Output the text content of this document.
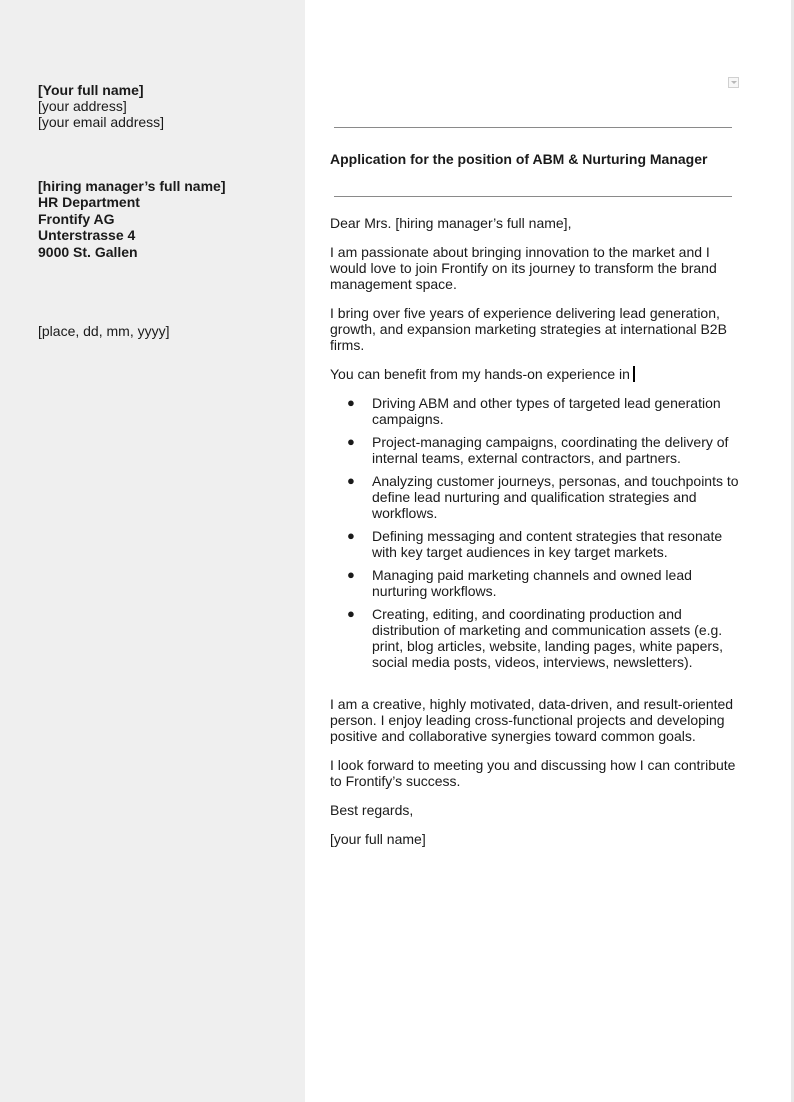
[Your full name]
[your address]
[your email address]
[hiring manager’s full name]
HR Department
Frontify AG
Unterstrasse 4
9000 St. Gallen
[place, dd, mm, yyyy]
Application for the position of ABM & Nurturing Manager

Dear Mrs. [hiring manager’s full name],

I am passionate about bringing innovation to the market and I would love to join Frontify on its journey to transform the brand management space.

I bring over five years of experience delivering lead generation, growth, and expansion marketing strategies at international B2B firms.

You can benefit from my hands-on experience in

● Driving ABM and other types of targeted lead generation campaigns.
● Project-managing campaigns, coordinating the delivery of internal teams, external contractors, and partners.
● Analyzing customer journeys, personas, and touchpoints to define lead nurturing and qualification strategies and workflows.
● Defining messaging and content strategies that resonate with key target audiences in key target markets.
● Managing paid marketing channels and owned lead nurturing workflows.
● Creating, editing, and coordinating production and distribution of marketing and communication assets (e.g. print, blog articles, website, landing pages, white papers, social media posts, videos, interviews, newsletters).

I am a creative, highly motivated, data-driven, and result-oriented person. I enjoy leading cross-functional projects and developing positive and collaborative synergies toward common goals.

I look forward to meeting you and discussing how I can contribute to Frontify’s success.

Best regards,

[your full name]
